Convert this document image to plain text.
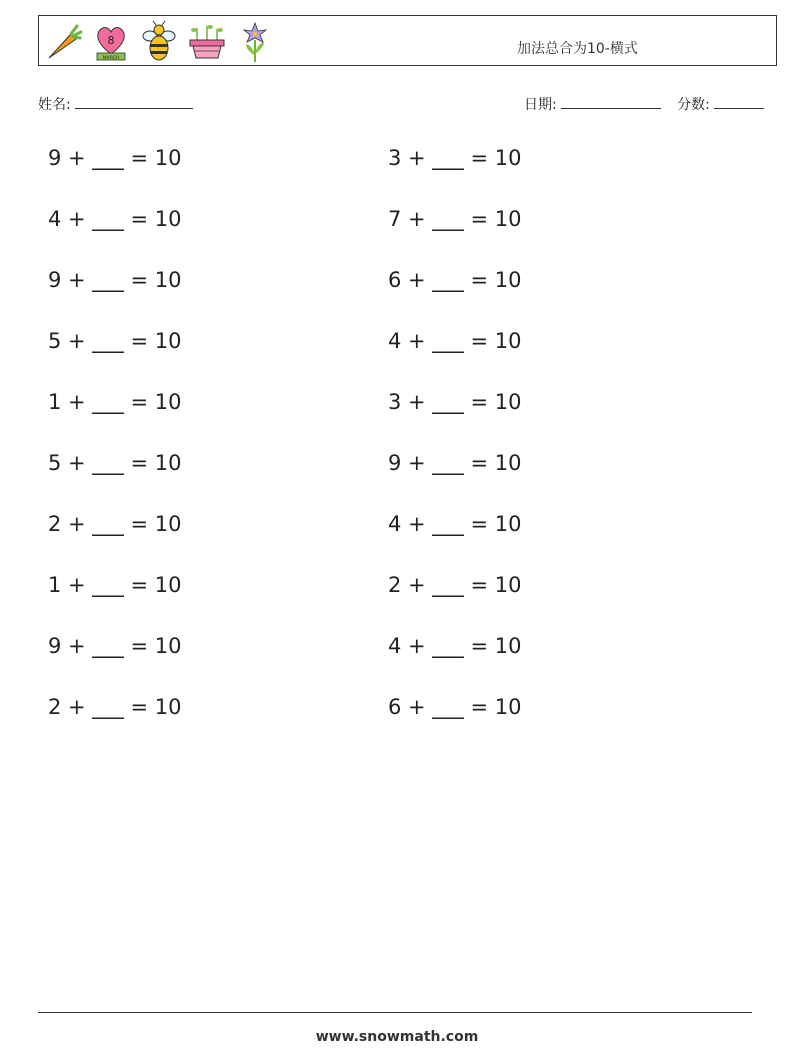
8
MARCH
加法总合为10-横式
姓名:	日期:	分数:
9 + ___ = 10
4 + ___ = 10
9 + ___ = 10
5 + ___ = 10
1 + ___ = 10
5 + ___ = 10
2 + ___ = 10
1 + ___ = 10
9 + ___ = 10
2 + ___ = 10
3 + ___ = 10
7 + ___ = 10
6 + ___ = 10
4 + ___ = 10
3 + ___ = 10
9 + ___ = 10
4 + ___ = 10
2 + ___ = 10
4 + ___ = 10
6 + ___ = 10
www.snowmath.com
